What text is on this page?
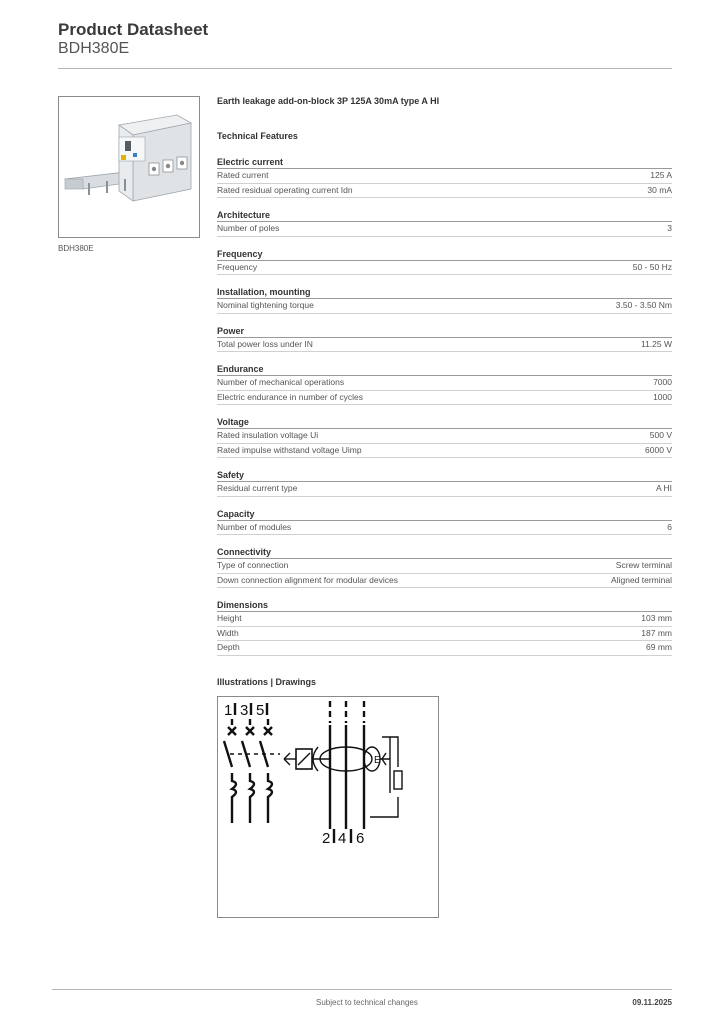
Product Datasheet

BDH380E

BDH380E

Earth leakage add-on-block 3P 125A 30mA type A HI

Technical Features

Electric current
Rated current	125 A
Rated residual operating current Idn	30 mA
Architecture
Number of poles	3
Frequency
Frequency	50 - 50 Hz
Installation, mounting
Nominal tightening torque	3.50 - 3.50 Nm
Power
Total power loss under IN	11.25 W
Endurance
Number of mechanical operations	7000
Electric endurance in number of cycles	1000
Voltage
Rated insulation voltage Ui	500 V
Rated impulse withstand voltage Uimp	6000 V
Safety
Residual current type	A HI
Capacity
Number of modules	6
Connectivity
Type of connection	Screw terminal
Down connection alignment for modular devices	Aligned terminal
Dimensions
Height	103 mm
Width	187 mm
Depth	69 mm
Illustrations | Drawings
1 3 5
E
2 4 6
Subject to technical changes	09.11.2025
